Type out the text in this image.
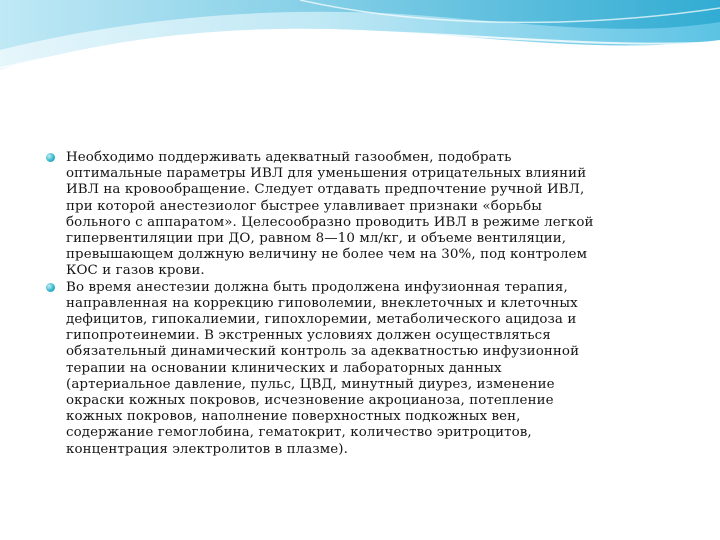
Необходимо поддерживать адекватный газообмен, подобрать
оптимальные параметры ИВЛ для уменьшения отрицательных влияний
ИВЛ на кровообращение. Следует отдавать предпочтение ручной ИВЛ,
при которой анестезиолог быстрее улавливает признаки «борьбы
больного с аппаратом». Целесообразно проводить ИВЛ в режиме легкой
гипервентиляции при ДО, равном 8—10 мл/кг, и объеме вентиляции,
превышающем должную величину не более чем на 30%, под контролем
КОС и газов крови.
Во время анестезии должна быть продолжена инфузионная терапия,
направленная на коррекцию гиповолемии, внеклеточных и клеточных
дефицитов, гипокалиемии, гипохлоремии, метаболического ацидоза и
гипопротеинемии. В экстренных условиях должен осуществляться
обязательный динамический контроль за адекватностью инфузионной
терапии на основании клинических и лабораторных данных
(артериальное давление, пульс, ЦВД, минутный диурез, изменение
окраски кожных покровов, исчезновение акроцианоза, потепление
кожных покровов, наполнение поверхностных подкожных вен,
содержание гемоглобина, гематокрит, количество эритроцитов,
концентрация электролитов в плазме).
